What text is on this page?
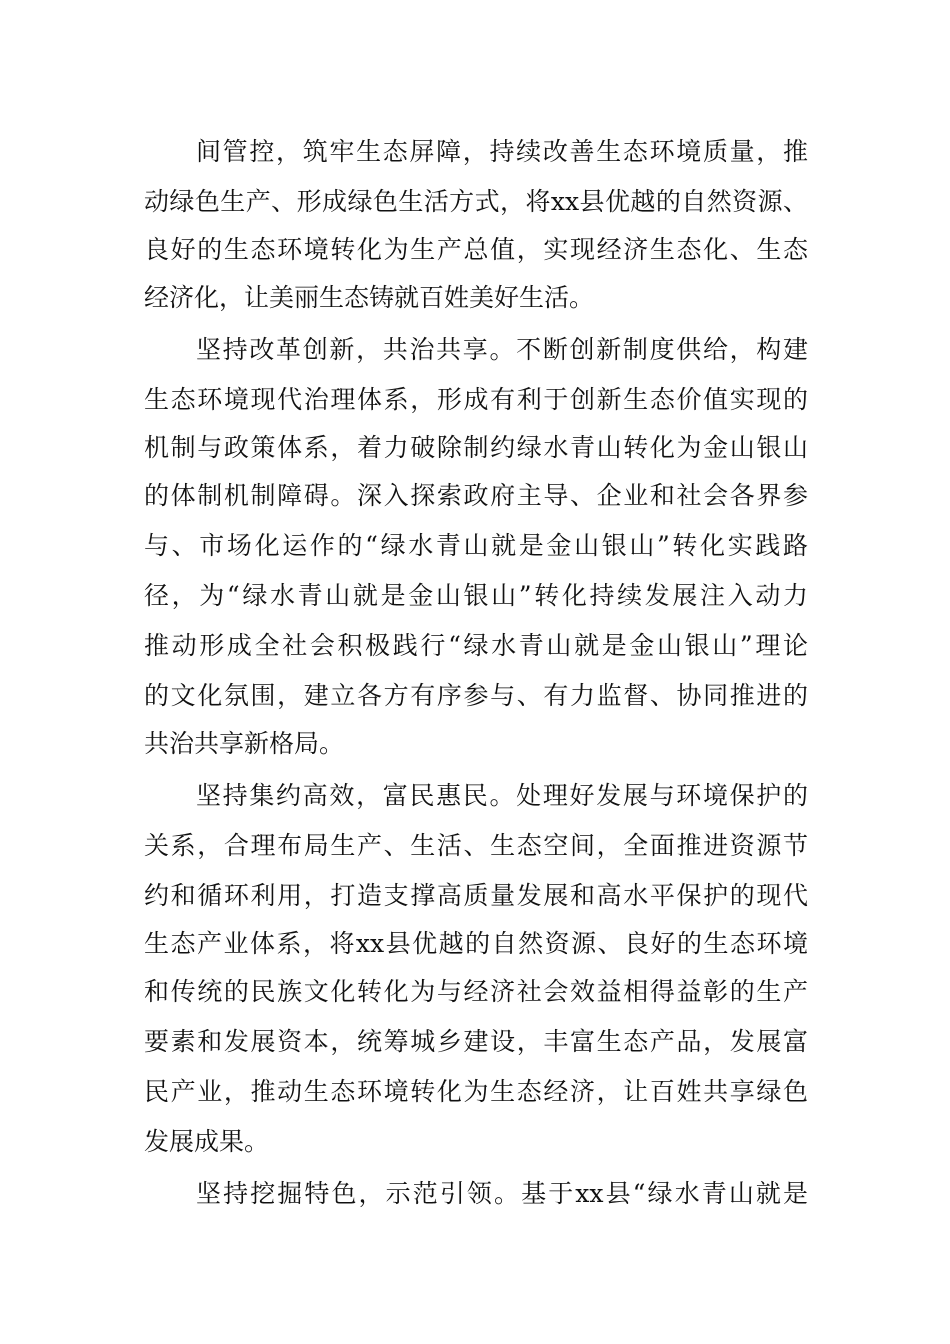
间管控，筑牢生态屏障，持续改善生态环境质量，推
动绿色生产、形成绿色生活方式，将xx县优越的自然资源、
良好的生态环境转化为生产总值，实现经济生态化、生态
经济化，让美丽生态铸就百姓美好生活。
坚持改革创新，共治共享。不断创新制度供给，构建
生态环境现代治理体系，形成有利于创新生态价值实现的
机制与政策体系，着力破除制约绿水青山转化为金山银山
的体制机制障碍。深入探索政府主导、企业和社会各界参
与、市场化运作的“绿水青山就是金山银山”转化实践路
径，为“绿水青山就是金山银山”转化持续发展注入动力
推动形成全社会积极践行“绿水青山就是金山银山”理论
的文化氛围，建立各方有序参与、有力监督、协同推进的
共治共享新格局。
坚持集约高效，富民惠民。处理好发展与环境保护的
关系，合理布局生产、生活、生态空间，全面推进资源节
约和循环利用，打造支撑高质量发展和高水平保护的现代
生态产业体系，将xx县优越的自然资源、良好的生态环境
和传统的民族文化转化为与经济社会效益相得益彰的生产
要素和发展资本，统筹城乡建设，丰富生态产品，发展富
民产业，推动生态环境转化为生态经济，让百姓共享绿色
发展成果。
坚持挖掘特色，示范引领。基于xx县“绿水青山就是
